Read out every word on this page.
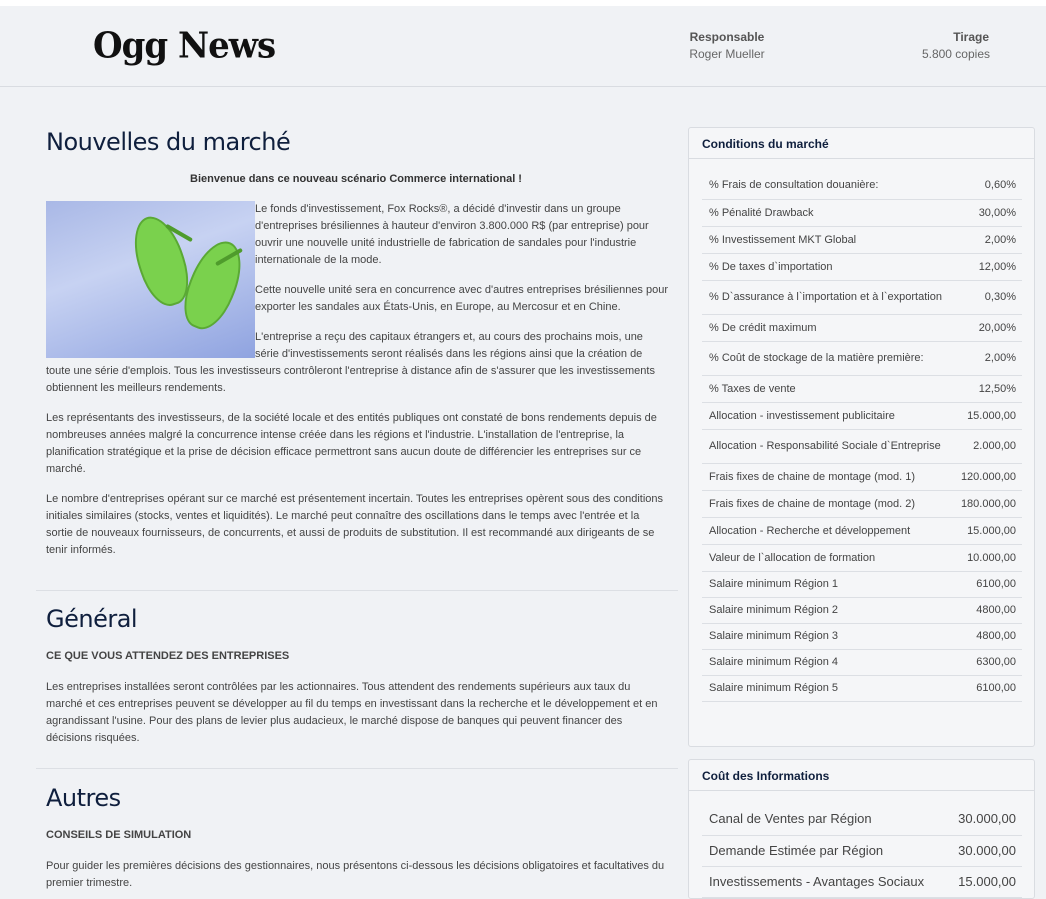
Ogg News	Responsable
Roger Mueller
Tirage
5.800 copies
Nouvelles du marché
Bienvenue dans ce nouveau scénario Commerce international !

Le fonds d'investissement, Fox Rocks®, a décidé d'investir dans un groupe d'entreprises brésiliennes à hauteur d'environ 3.800.000 R$ (par entreprise) pour ouvrir une nouvelle unité industrielle de fabrication de sandales pour l'industrie internationale de la mode.

Cette nouvelle unité sera en concurrence avec d'autres entreprises brésiliennes pour exporter les sandales aux États-Unis, en Europe, au Mercosur et en Chine.

L'entreprise a reçu des capitaux étrangers et, au cours des prochains mois, une série d'investissements seront réalisés dans les régions ainsi que la création de toute une série d'emplois. Tous les investisseurs contrôleront l'entreprise à distance afin de s'assurer que les investissements obtiennent les meilleurs rendements.

Les représentants des investisseurs, de la société locale et des entités publiques ont constaté de bons rendements depuis de nombreuses années malgré la concurrence intense créée dans les régions et l'industrie. L'installation de l'entreprise, la planification stratégique et la prise de décision efficace permettront sans aucun doute de différencier les entreprises sur ce marché.

Le nombre d'entreprises opérant sur ce marché est présentement incertain. Toutes les entreprises opèrent sous des conditions initiales similaires (stocks, ventes et liquidités). Le marché peut connaître des oscillations dans le temps avec l'entrée et la sortie de nouveaux fournisseurs, de concurrents, et aussi de produits de substitution. Il est recommandé aux dirigeants de se tenir informés.

Général
CE QUE VOUS ATTENDEZ DES ENTREPRISES

Les entreprises installées seront contrôlées par les actionnaires. Tous attendent des rendements supérieurs aux taux du marché et ces entreprises peuvent se développer au fil du temps en investissant dans la recherche et le développement et en agrandissant l'usine. Pour des plans de levier plus audacieux, le marché dispose de banques qui peuvent financer des décisions risquées.

Autres
CONSEILS DE SIMULATION

Pour guider les premières décisions des gestionnaires, nous présentons ci-dessous les décisions obligatoires et facultatives du premier trimestre.

Conditions du marché
% Frais de consultation douanière:	0,60%
% Pénalité Drawback	30,00%
% Investissement MKT Global	2,00%
% De taxes d`importation	12,00%
% D`assurance à l`importation et à l`exportation	0,30%
% De crédit maximum	20,00%
% Coût de stockage de la matière première:	2,00%
% Taxes de vente	12,50%
Allocation - investissement publicitaire	15.000,00
Allocation - Responsabilité Sociale d`Entreprise	2.000,00
Frais fixes de chaine de montage (mod. 1)	120.000,00
Frais fixes de chaine de montage (mod. 2)	180.000,00
Allocation - Recherche et développement	15.000,00
Valeur de l`allocation de formation	10.000,00
Salaire minimum Région 1	6100,00
Salaire minimum Région 2	4800,00
Salaire minimum Région 3	4800,00
Salaire minimum Région 4	6300,00
Salaire minimum Région 5	6100,00
Coût des Informations
Canal de Ventes par Région	30.000,00
Demande Estimée par Région	30.000,00
Investissements - Avantages Sociaux	15.000,00
